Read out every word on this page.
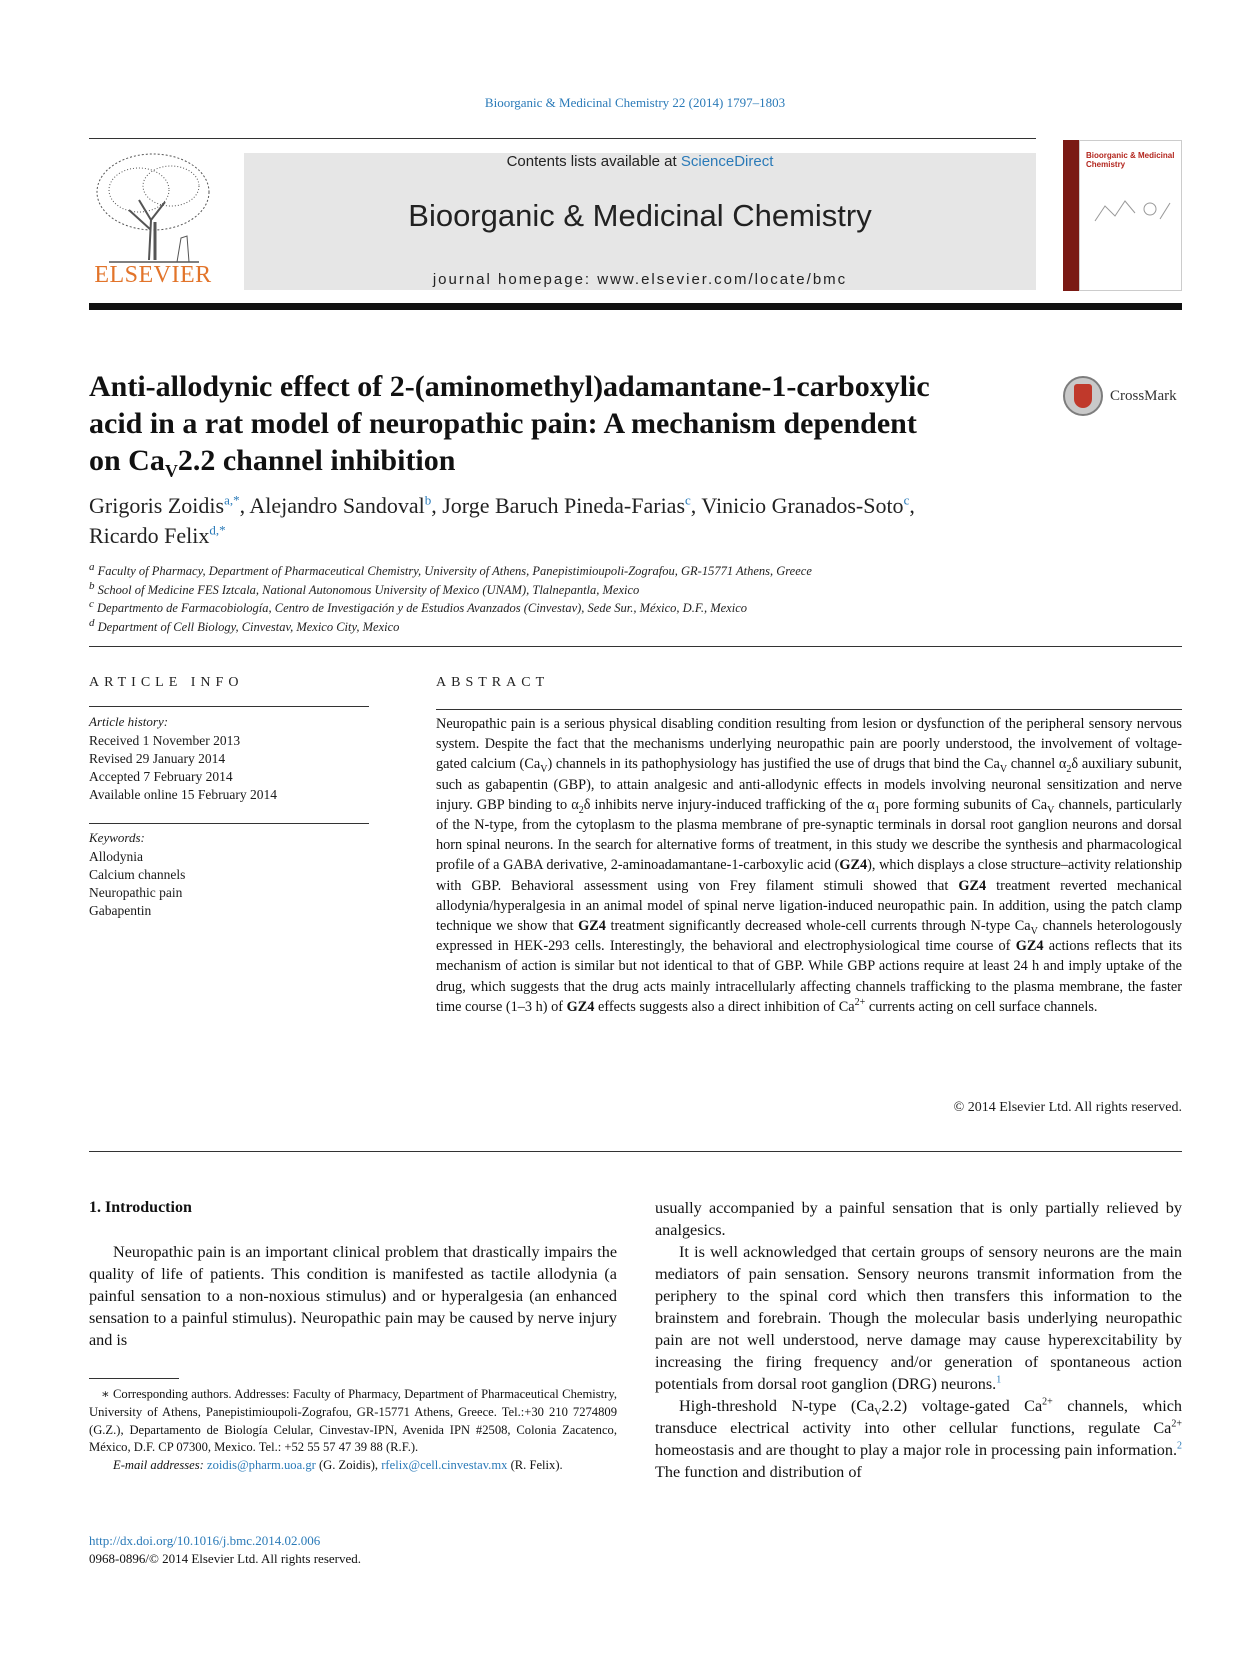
Bioorganic & Medicinal Chemistry 22 (2014) 1797–1803
ELSEVIER
Contents lists available at ScienceDirect
Bioorganic & Medicinal Chemistry
journal homepage: www.elsevier.com/locate/bmc
Bioorganic & Medicinal Chemistry
Anti-allodynic effect of 2-(aminomethyl)adamantane-1-carboxylic
acid in a rat model of neuropathic pain: A mechanism dependent
on $Ca_V2.2$ channel inhibition
CrossMark
Grigoris Zoidis$^{a,*}$, Alejandro Sandoval$^b$, Jorge Baruch Pineda-Farias$^c$, Vinicio Granados-Soto$^c$,
Ricardo Felix$^{d,*}$
a Faculty of Pharmacy, Department of Pharmaceutical Chemistry, University of Athens, Panepistimioupoli-Zografou, GR-15771 Athens, Greece
b School of Medicine FES Iztcala, National Autonomous University of Mexico (UNAM), Tlalnepantla, Mexico
c Departmento de Farmacobiología, Centro de Investigación y de Estudios Avanzados (Cinvestav), Sede Sur., México, D.F., Mexico
d Department of Cell Biology, Cinvestav, Mexico City, Mexico
ARTICLE INFO
Article history:
Received 1 November 2013
Revised 29 January 2014
Accepted 7 February 2014
Available online 15 February 2014
Keywords:
Allodynia
Calcium channels
Neuropathic pain
Gabapentin
ABSTRACT
Neuropathic pain is a serious physical disabling condition resulting from lesion or dysfunction of the peripheral sensory nervous system. Despite the fact that the mechanisms underlying neuropathic pain are poorly understood, the involvement of voltage-gated calcium $(Ca_V)$ channels in its pathophysiology has justified the use of drugs that bind the $Ca_V$ channel $\alpha_2\delta$ auxiliary subunit, such as gabapentin (GBP), to attain analgesic and anti-allodynic effects in models involving neuronal sensitization and nerve injury. GBP binding to $\alpha_2\delta$ inhibits nerve injury-induced trafficking of the $\alpha_1$ pore forming subunits of $Ca_V$ channels, particularly of the N-type, from the cytoplasm to the plasma membrane of pre-synaptic terminals in dorsal root ganglion neurons and dorsal horn spinal neurons. In the search for alternative forms of treatment, in this study we describe the synthesis and pharmacological profile of a GABA derivative, 2-aminoadamantane-1-carboxylic acid (GZ4), which displays a close structure–activity relationship with GBP. Behavioral assessment using von Frey filament stimuli showed that GZ4 treatment reverted mechanical allodynia/hyperalgesia in an animal model of spinal nerve ligation-induced neuropathic pain. In addition, using the patch clamp technique we show that GZ4 treatment significantly decreased whole-cell currents through N-type $Ca_V$ channels heterologously expressed in HEK-293 cells. Interestingly, the behavioral and electrophysiological time course of GZ4 actions reflects that its mechanism of action is similar but not identical to that of GBP. While GBP actions require at least 24 h and imply uptake of the drug, which suggests that the drug acts mainly intracellularly affecting channels trafficking to the plasma membrane, the faster time course (1–3 h) of GZ4 effects suggests also a direct inhibition of $Ca^{2+}$ currents acting on cell surface channels.
© 2014 Elsevier Ltd. All rights reserved.
1. Introduction

Neuropathic pain is an important clinical problem that drastically impairs the quality of life of patients. This condition is manifested as tactile allodynia (a painful sensation to a non-noxious stimulus) and or hyperalgesia (an enhanced sensation to a painful stimulus). Neuropathic pain may be caused by nerve injury and is

∗ Corresponding authors. Addresses: Faculty of Pharmacy, Department of Pharmaceutical Chemistry, University of Athens, Panepistimioupoli-Zografou, GR-15771 Athens, Greece. Tel.:+30 210 7274809 (G.Z.), Departamento de Biología Celular, Cinvestav-IPN, Avenida IPN #2508, Colonia Zacatenco, México, D.F. CP 07300, Mexico. Tel.: +52 55 57 47 39 88 (R.F.).
E-mail addresses: zoidis@pharm.uoa.gr (G. Zoidis), rfelix@cell.cinvestav.mx (R. Felix).
http://dx.doi.org/10.1016/j.bmc.2014.02.006
0968-0896/© 2014 Elsevier Ltd. All rights reserved.

usually accompanied by a painful sensation that is only partially relieved by analgesics.

It is well acknowledged that certain groups of sensory neurons are the main mediators of pain sensation. Sensory neurons transmit information from the periphery to the spinal cord which then transfers this information to the brainstem and forebrain. Though the molecular basis underlying neuropathic pain are not well understood, nerve damage may cause hyperexcitability by increasing the firing frequency and/or generation of spontaneous action potentials from dorsal root ganglion (DRG) neurons.$^1$

High-threshold N-type $(Ca_V2.2)$ voltage-gated $Ca^{2+}$ channels, which transduce electrical activity into other cellular functions, regulate $Ca^{2+}$ homeostasis and are thought to play a major role in processing pain information.$^2$ The function and distribution of
